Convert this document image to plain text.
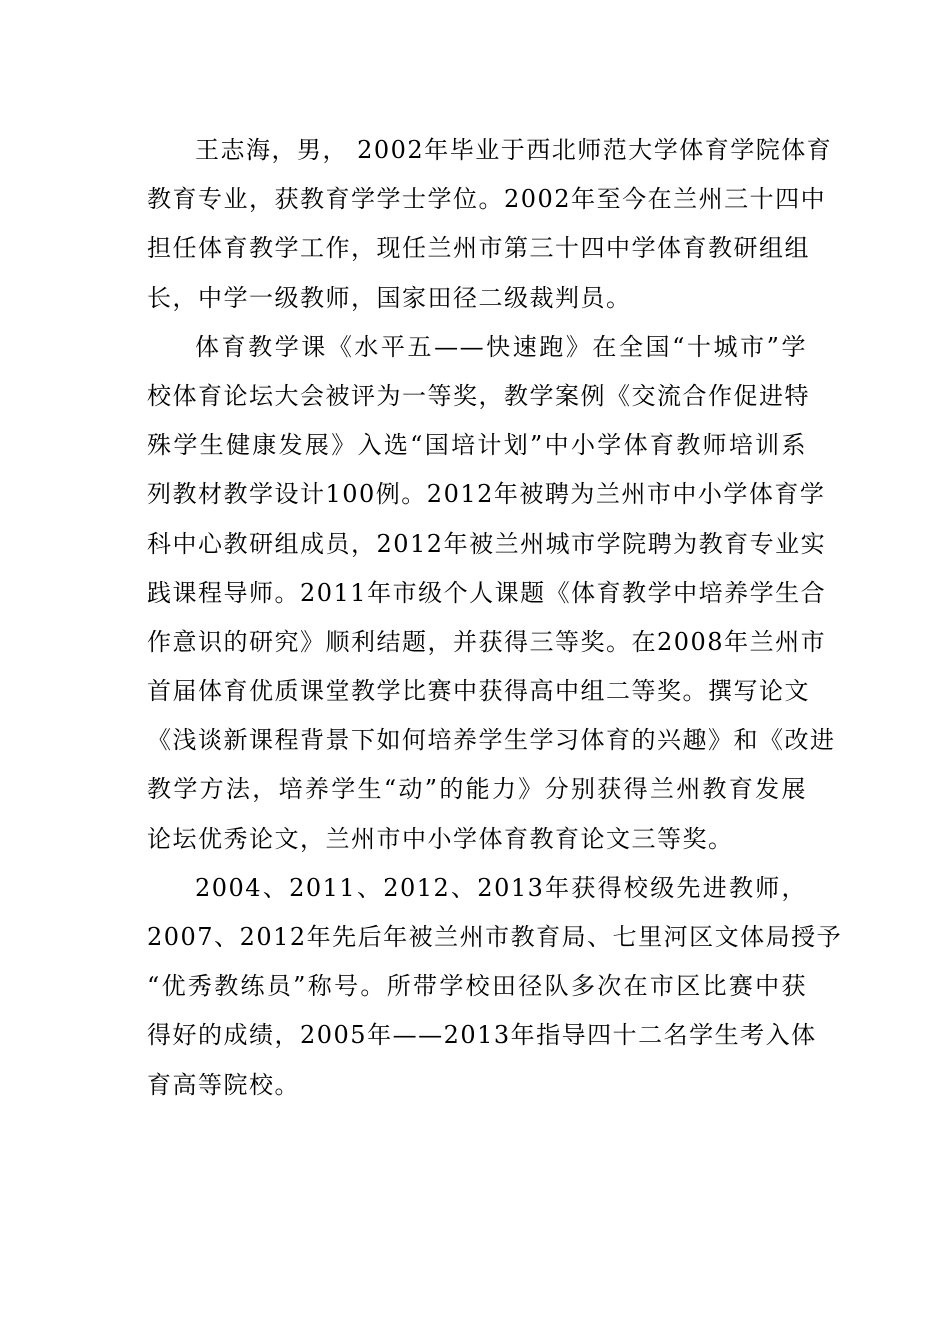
王志海，男， 2002年毕业于西北师范大学体育学院体育
教育专业，获教育学学士学位。2002年至今在兰州三十四中
担任体育教学工作，现任兰州市第三十四中学体育教研组组
长，中学一级教师，国家田径二级裁判员。
体育教学课《水平五——快速跑》在全国“十城市”学
校体育论坛大会被评为一等奖，教学案例《交流合作促进特
殊学生健康发展》入选“国培计划”中小学体育教师培训系
列教材教学设计100例。2012年被聘为兰州市中小学体育学
科中心教研组成员，2012年被兰州城市学院聘为教育专业实
践课程导师。2011年市级个人课题《体育教学中培养学生合
作意识的研究》顺利结题，并获得三等奖。在2008年兰州市
首届体育优质课堂教学比赛中获得高中组二等奖。撰写论文
《浅谈新课程背景下如何培养学生学习体育的兴趣》和《改进
教学方法，培养学生“动”的能力》分别获得兰州教育发展
论坛优秀论文，兰州市中小学体育教育论文三等奖。
2004、2011、2012、2013年获得校级先进教师，
2007、2012年先后年被兰州市教育局、七里河区文体局授予
“优秀教练员”称号。所带学校田径队多次在市区比赛中获
得好的成绩，2005年——2013年指导四十二名学生考入体
育高等院校。
